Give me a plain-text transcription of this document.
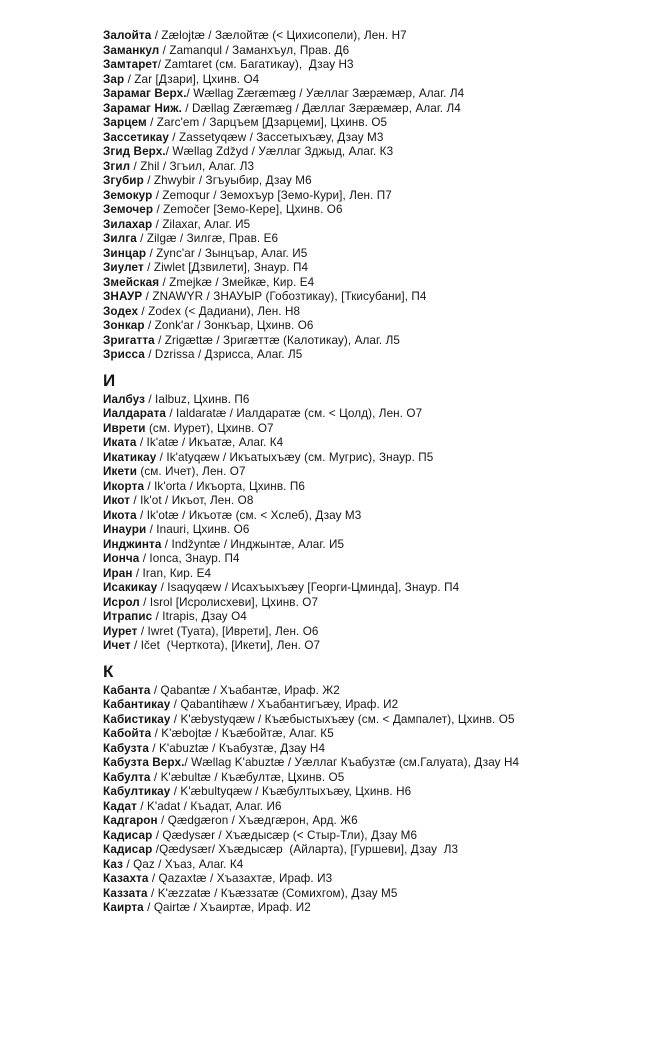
Залойта / Zælojtæ / Зæлойтæ (< Цихисопели), Лен. Н7
Заманкул / Zamanqul / Заманхъул, Прав. Д6
Замтарет/ Zamtaret (см. Багатикау),  Дзау Н3
Зар / Zar [Дзари], Цхинв. О4
Зарамаг Верх./ Wællag Zæræmæg / Уæллаг Зæрæмæр, Алаг. Л4
Зарамаг Ниж. / Dællag Zæræmæg / Дæллаг Зæрæмæр, Алаг. Л4
Зарцем / Zarc'em / Зарцъем [Дзарцеми], Цхинв. О5
Зассетикау / Zassetyqæw / Зассетыхъæу, Дзау М3
Згид Верх./ Wællag Zdžyd / Уæллаг Зджыд, Алаг. К3
Згил / Zhil / Згъил, Алаг. Л3
Згубир / Zhwybir / Згъуыбир, Дзау М6
Земокур / Zemoqur / Земохъур [Земо-Кури], Лен. П7
Земочер / Zemočer [Земо-Кере], Цхинв. О6
Зилахар / Zilaxar, Алаг. И5
Зилга / Zilgæ / Зилгæ, Прав. Е6
Зинцар / Zync'ar / Зынцъар, Алаг. И5
Зиулет / Ziwlet [Дзвилети], Знаур. П4
Змейская / Zmejkæ / Змейкæ, Кир. Е4
ЗНАУР / ZNAWYR / ЗНАУЫР (Гобозтикау), [Ткисубани], П4
Зодех / Zodex (< Дадиани), Лен. Н8
Зонкар / Zonk'ar / Зонкъар, Цхинв. О6
Зригатта / Zrigættæ / Зригæттæ (Калотикау), Алаг. Л5
Зрисса / Dzrissa / Дзрисса, Алаг. Л5
И
Иалбуз / Ialbuz, Цхинв. П6
Иалдарата / Ialdaratæ / Иалдаратæ (см. < Цолд), Лен. О7
Иврети (см. Иурет), Цхинв. О7
Иката / Ik'atæ / Икъатæ, Алаг. К4
Икатикау / Ik'atyqæw / Икъатыхъæу (см. Мугрис), Знаур. П5
Икети (см. Ичет), Лен. О7
Икорта / Ik'orta / Икъорта, Цхинв. П6
Икот / Ik'ot / Икъот, Лен. О8
Икота / Ik'otæ / Икъотæ (см. < Хслеб), Дзау М3
Инаури / Inauri, Цхинв. О6
Инджинта / Indžyntæ / Инджынтæ, Алаг. И5
Ионча / Ionca, Знаур. П4
Иран / Iran, Кир. Е4
Исакикау / Isaqyqæw / Исахъыхъæу [Георги-Цминда], Знаур. П4
Исрол / Isrol [Исролисхеви], Цхинв. О7
Итрапис / Itrapis, Дзау О4
Иурет / Iwret (Туата), [Иврети], Лен. О6
Ичет / Ičet  (Черткота), [Икети], Лен. О7
К
Кабанта / Qabantæ / Хъабантæ, Ираф. Ж2
Кабантикау / Qabantihæw / Хъабантигъæу, Ираф. И2
Кабистикау / K'æbystyqæw / Къæбыстыхъæу (см. < Дампалет), Цхинв. О5
Кабойта / K'æbojtæ / Къæбойтæ, Алаг. К5
Кабузта / K'abuztæ / Къабузтæ, Дзау Н4
Кабузта Верх./ Wællag K'abuztæ / Уæллаг Къабузтæ (см.Галуата), Дзау Н4
Кабулта / K'æbultæ / Къæбултæ, Цхинв. О5
Кабултикау / K'æbultyqæw / Къæбултыхъæу, Цхинв. Н6
Кадат / K'adat / Къадат, Алаг. И6
Кадгарон / Qædgæron / Хъæдгæрон, Ард. Ж6
Кадисар / Qædysær / Хъæдысæр (< Стыр-Тли), Дзау М6
Кадисар /Qædysær/ Хъæдысæр  (Айларта), [Гуршеви], Дзау  Л3
Каз / Qaz / Хъаз, Алаг. К4
Казахта / Qazaxtæ / Хъазахтæ, Ираф. И3
Каззата / K'æzzatæ / Къæззатæ (Сомихгом), Дзау М5
Каирта / Qairtæ / Хъаиртæ, Ираф. И2
